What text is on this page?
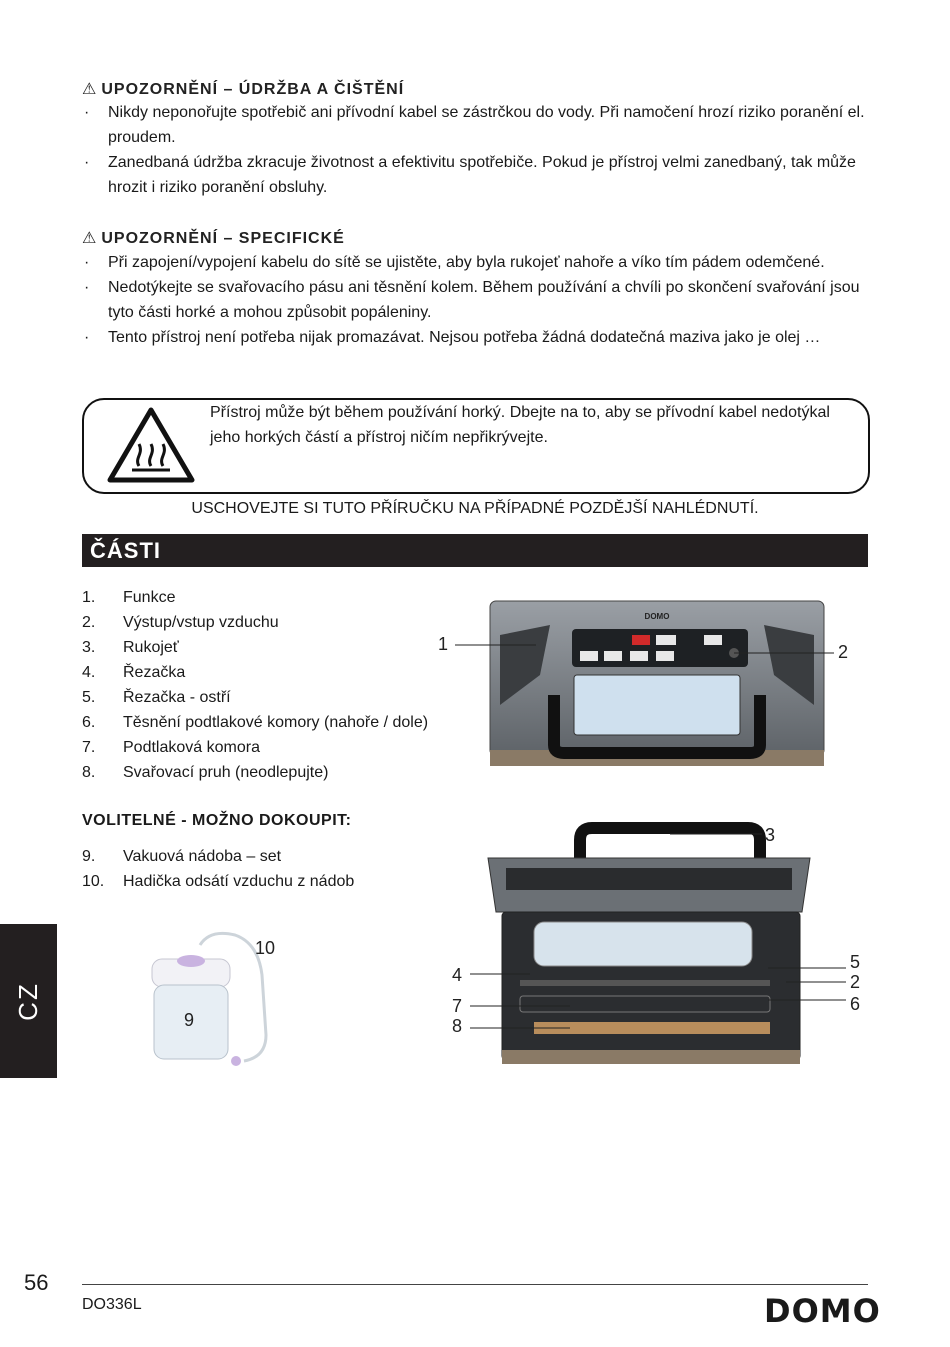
⚠ UPOZORNĚNÍ – ÚDRŽBA A ČIŠTĚNÍ
· Nikdy neponořujte spotřebič ani přívodní kabel se zástrčkou do vody. Při namočení hrozí riziko poranění el. proudem.
· Zanedbaná údržba zkracuje životnost a efektivitu spotřebiče. Pokud je přístroj velmi zanedbaný, tak může hrozit i riziko poranění obsluhy.
⚠ UPOZORNĚNÍ – SPECIFICKÉ
· Při zapojení/vypojení kabelu do sítě se ujistěte, aby byla rukojeť nahoře a víko tím pádem odemčené.
· Nedotýkejte se svařovacího pásu ani těsnění kolem. Během používání a chvíli po skončení svařování jsou tyto části horké a mohou způsobit popáleniny.
· Tento přístroj není potřeba nijak promazávat. Nejsou potřeba žádná dodatečná maziva jako je olej …
Přístroj může být během používání horký. Dbejte na to, aby se přívodní kabel nedotýkal jeho horkých částí a přístroj ničím nepřikrývejte.
USCHOVEJTE SI TUTO PŘÍRUČKU NA PŘÍPADNÉ POZDĚJŠÍ NAHLÉDNUTÍ.
ČÁSTI
1.	Funkce
2.	Výstup/vstup vzduchu
3.	Rukojeť
4.	Řezačka
5.	Řezačka - ostří
6.	Těsnění podtlakové komory (nahoře / dole)
7.	Podtlaková komora
8.	Svařovací pruh (neodlepujte)
VOLITELNÉ - MOŽNO DOKOUPIT:
9.	Vakuová nádoba – set
10.	Hadička odsátí vzduchu z nádob
DOMO
1	2
3
4
5
2
6
7
8
9
10
CZ
56
DO336L	DOMO
